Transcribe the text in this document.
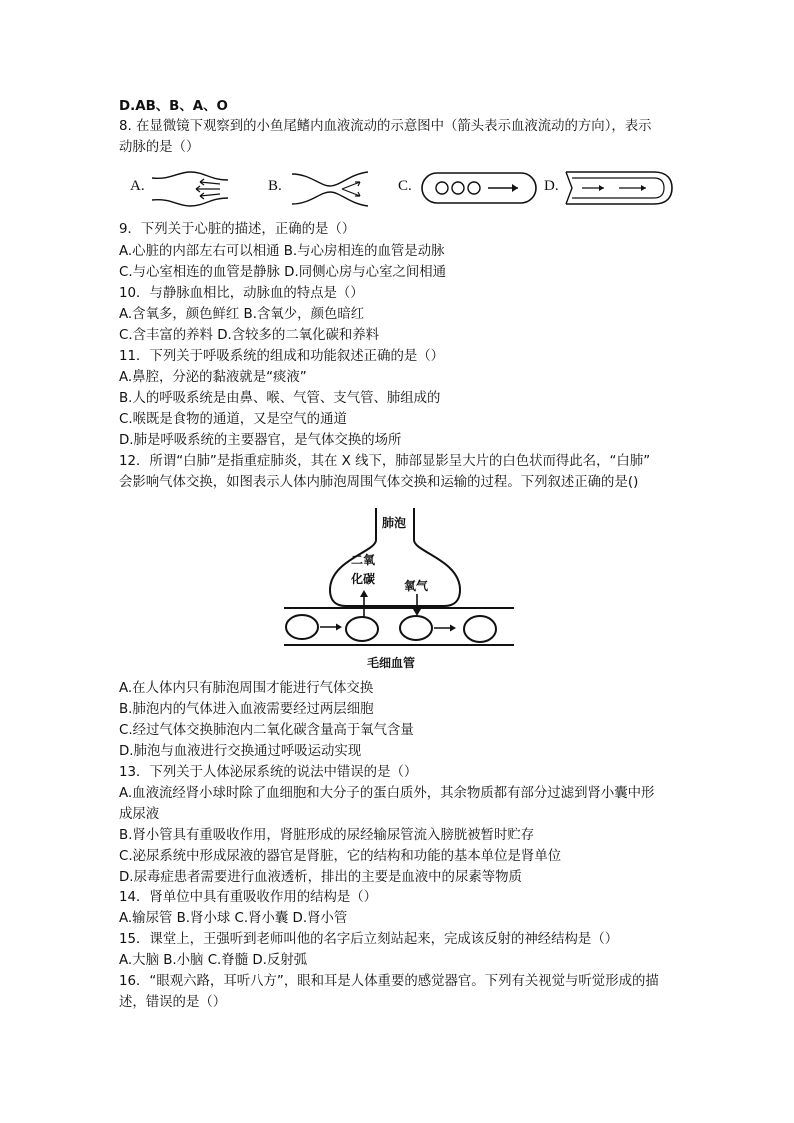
D.AB、B、A、O
8. 在显微镜下观察到的小鱼尾鳍内血液流动的示意图中（箭头表示血液流动的方向），表示
动脉的是（）
A.	B.	C.	D.
9．下列关于心脏的描述，正确的是（）
A.心脏的内部左右可以相通 B.与心房相连的血管是动脉
C.与心室相连的血管是静脉 D.同侧心房与心室之间相通
10．与静脉血相比，动脉血的特点是（）
A.含氧多，颜色鲜红 B.含氧少，颜色暗红
C.含丰富的养料 D.含较多的二氧化碳和养料
11．下列关于呼吸系统的组成和功能叙述正确的是（）
A.鼻腔，分泌的黏液就是“痰液”
B.人的呼吸系统是由鼻、喉、气管、支气管、肺组成的
C.喉既是食物的通道，又是空气的通道
D.肺是呼吸系统的主要器官，是气体交换的场所
12．所谓“白肺”是指重症肺炎，其在 X 线下，肺部显影呈大片的白色状而得此名，“白肺”
会影响气体交换，如图表示人体内肺泡周围气体交换和运输的过程。下列叙述正确的是()
肺泡
二氧
化碳 氧气
毛细血管
A.在人体内只有肺泡周围才能进行气体交换
B.肺泡内的气体进入血液需要经过两层细胞
C.经过气体交换肺泡内二氧化碳含量高于氧气含量
D.肺泡与血液进行交换通过呼吸运动实现
13．下列关于人体泌尿系统的说法中错误的是（）
A.血液流经肾小球时除了血细胞和大分子的蛋白质外，其余物质都有部分过滤到肾小囊中形
成尿液
B.肾小管具有重吸收作用，肾脏形成的尿经输尿管流入膀胱被暂时贮存
C.泌尿系统中形成尿液的器官是肾脏，它的结构和功能的基本单位是肾单位
D.尿毒症患者需要进行血液透析，排出的主要是血液中的尿素等物质
14．肾单位中具有重吸收作用的结构是（）
A.输尿管 B.肾小球 C.肾小囊 D.肾小管
15．课堂上，王强听到老师叫他的名字后立刻站起来，完成该反射的神经结构是（）
A.大脑 B.小脑 C.脊髓 D.反射弧
16．“眼观六路，耳听八方”，眼和耳是人体重要的感觉器官。下列有关视觉与听觉形成的描
述，错误的是（）
